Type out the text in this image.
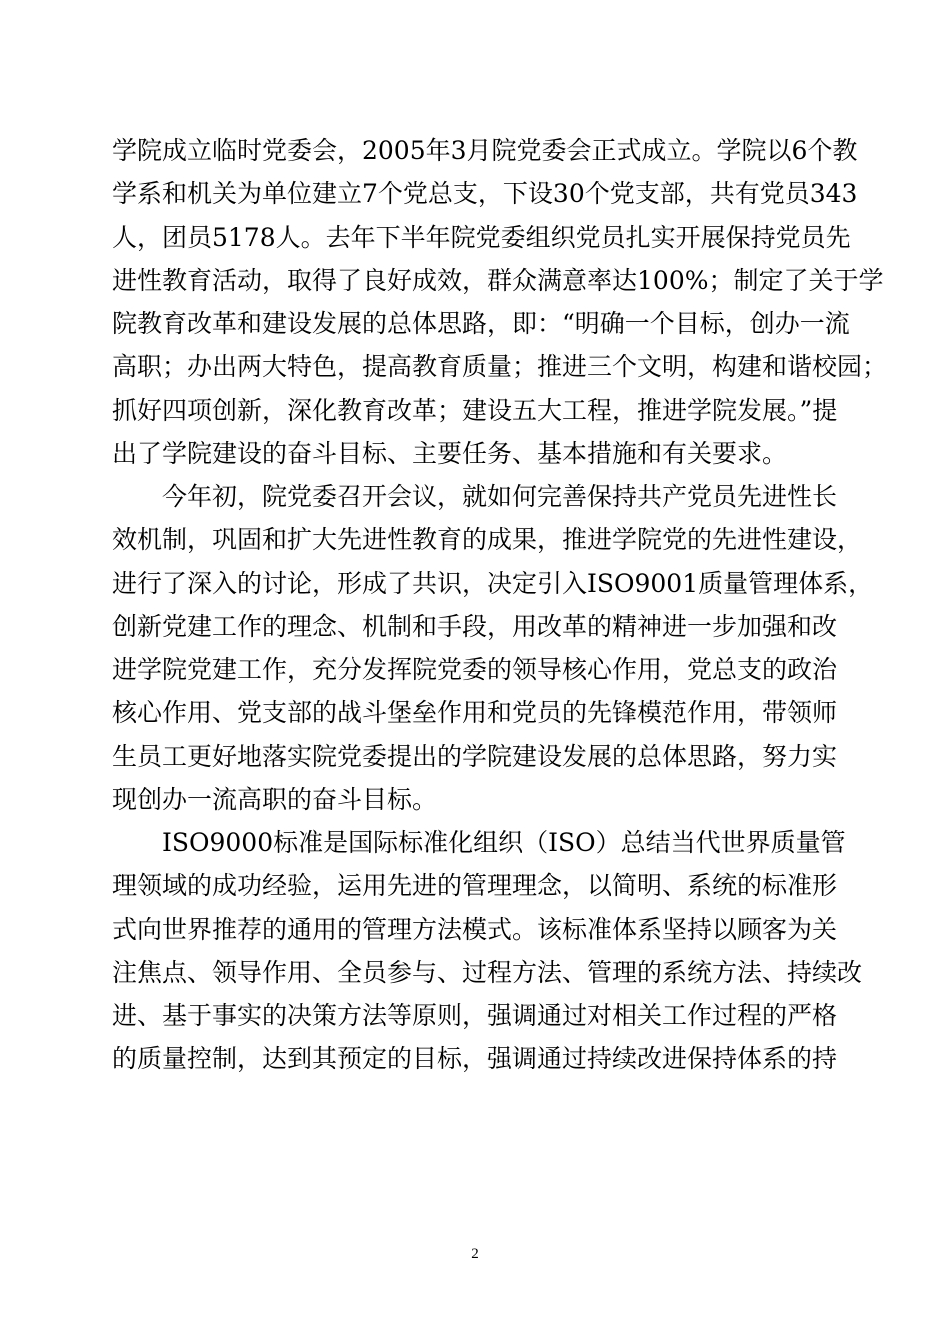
学院成立临时党委会，2005年3月院党委会正式成立。学院以6个教
学系和机关为单位建立7个党总支，下设30个党支部，共有党员343
人，团员5178人。去年下半年院党委组织党员扎实开展保持党员先
进性教育活动，取得了良好成效，群众满意率达100%；制定了关于学
院教育改革和建设发展的总体思路，即：“明确一个目标，创办一流
高职；办出两大特色，提高教育质量；推进三个文明，构建和谐校园；
抓好四项创新，深化教育改革；建设五大工程，推进学院发展。”提
出了学院建设的奋斗目标、主要任务、基本措施和有关要求。
　　今年初，院党委召开会议，就如何完善保持共产党员先进性长
效机制，巩固和扩大先进性教育的成果，推进学院党的先进性建设，
进行了深入的讨论，形成了共识，决定引入ISO9001质量管理体系，
创新党建工作的理念、机制和手段，用改革的精神进一步加强和改
进学院党建工作，充分发挥院党委的领导核心作用，党总支的政治
核心作用、党支部的战斗堡垒作用和党员的先锋模范作用，带领师
生员工更好地落实院党委提出的学院建设发展的总体思路，努力实
现创办一流高职的奋斗目标。
　　ISO9000标准是国际标准化组织（ISO）总结当代世界质量管
理领域的成功经验，运用先进的管理理念，以简明、系统的标准形
式向世界推荐的通用的管理方法模式。该标准体系坚持以顾客为关
注焦点、领导作用、全员参与、过程方法、管理的系统方法、持续改
进、基于事实的决策方法等原则，强调通过对相关工作过程的严格
的质量控制，达到其预定的目标，强调通过持续改进保持体系的持
2
